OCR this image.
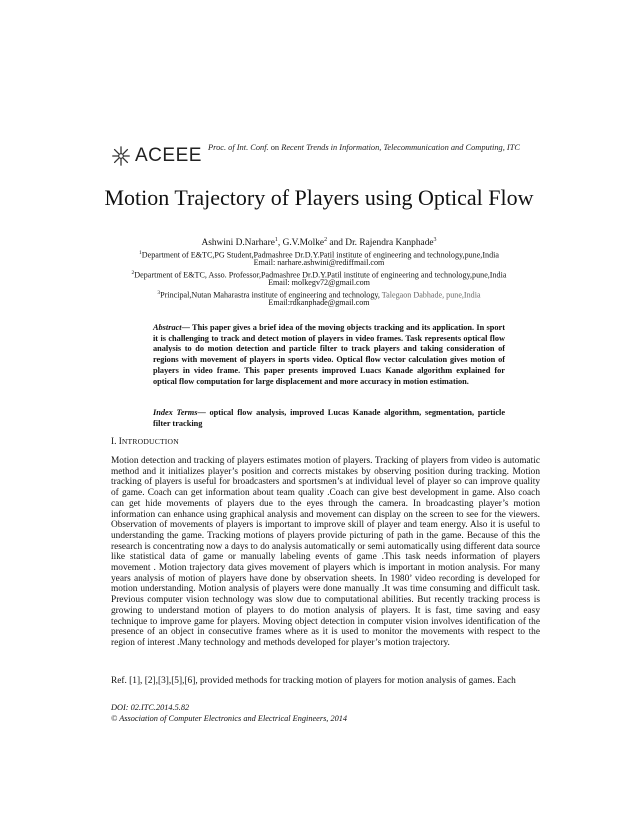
ACEEE Proc. of Int. Conf. on Recent Trends in Information, Telecommunication and Computing, ITC
Motion Trajectory of Players using Optical Flow
Ashwini D.Narhare$^1$, G.V.Molke$^2$ and Dr. Rajendra Kanphade$^3$
$^1$Department of E&TC,PG Student,Padmashree Dr.D.Y.Patil institute of engineering and technology,pune,India
Email: narhare.ashwini@rediffmail.com
$^2$Department of E&TC, Asso. Professor,Padmashree Dr.D.Y.Patil institute of engineering and technology,pune,India
Email: molkegv72@gmail.com
$^3$Principal,Nutan Maharastra institute of engineering and technology, Talegaon Dabhade, pune,India
Email:rdkanphade@gmail.com
Abstract— This paper gives a brief idea of the moving objects tracking and its application. In sport it is challenging to track and detect motion of players in video frames. Task represents optical flow analysis to do motion detection and particle filter to track players and taking consideration of regions with movement of players in sports video. Optical flow vector calculation gives motion of players in video frame. This paper presents improved Luacs Kanade algorithm explained for optical flow computation for large displacement and more accuracy in motion estimation.
Index Terms— optical flow analysis, improved Lucas Kanade algorithm, segmentation, particle filter tracking
I. INTRODUCTION

Motion detection and tracking of players estimates motion of players. Tracking of players from video is automatic method and it initializes player’s position and corrects mistakes by observing position during tracking. Motion tracking of players is useful for broadcasters and sportsmen’s at individual level of player so can improve quality of game. Coach can get information about team quality .Coach can give best development in game. Also coach can get hide movements of players due to the eyes through the camera. In broadcasting player’s motion information can enhance using graphical analysis and movement can display on the screen to see for the viewers. Observation of movements of players is important to improve skill of player and team energy. Also it is useful to understanding the game. Tracking motions of players provide picturing of path in the game. Because of this the research is concentrating now a days to do analysis automatically or semi automatically using different data source like statistical data of game or manually labeling events of game .This task needs information of players movement . Motion trajectory data gives movement of players which is important in motion analysis. For many years analysis of motion of players have done by observation sheets. In 1980’ video recording is developed for motion understanding. Motion analysis of players were done manually .It was time consuming and difficult task. Previous computer vision technology was slow due to computational abilities. But recently tracking process is growing to understand motion of players to do motion analysis of players. It is fast, time saving and easy technique to improve game for players. Moving object detection in computer vision involves identification of the presence of an object in consecutive frames where as it is used to monitor the movements with respect to the region of interest .Many technology and methods developed for player’s motion trajectory.

Ref. [1], [2],[3],[5],[6], provided methods for tracking motion of players for motion analysis of games. Each
DOI: 02.ITC.2014.5.82
© Association of Computer Electronics and Electrical Engineers, 2014
